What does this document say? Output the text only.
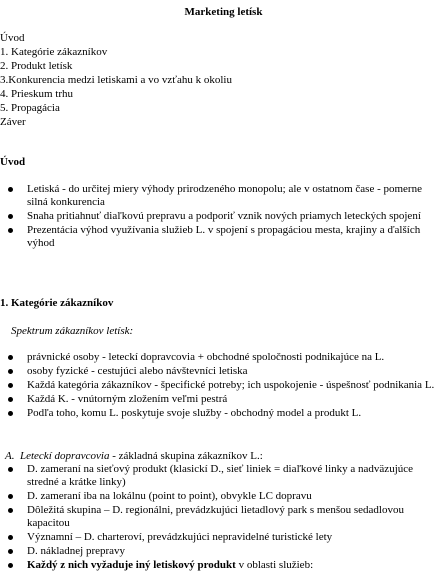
Marketing letísk
Úvod
1. Kategórie zákazníkov
2. Produkt letísk
3.Konkurencia medzi letiskami a vo vzťahu k okoliu
4. Prieskum trhu
5. Propagácia
Záver
Úvod
Letiská - do určitej miery výhody prirodzeného monopolu; ale v ostatnom čase - pomerne silná konkurencia
Snaha pritiahnuť diaľkovú prepravu a podporiť vznik nových priamych leteckých spojení
Prezentácia výhod využívania služieb L. v spojení s propagáciou mesta, krajiny a ďalších výhod
1. Kategórie zákazníkov
Spektrum zákazníkov letísk:
právnické osoby - leteckí dopravcovia + obchodné spoločnosti podnikajúce na L.
osoby fyzické - cestujúci alebo návštevníci letiska
Každá kategória zákazníkov - špecifické potreby; ich uspokojenie - úspešnosť podnikania L.
Každá K. - vnútorným zložením veľmi pestrá
Podľa toho, komu L. poskytuje svoje služby - obchodný model a produkt L.
A. Leteckí dopravcovia - základná skupina zákazníkov L.:
D. zameraní na sieťový produkt (klasickí D., sieť liniek = diaľkové linky a nadväzujúce stredné a krátke linky)
D. zameraní iba na lokálnu (point to point), obvykle LC dopravu
Dôležitá skupina – D. regionálni, prevádzkujúci lietadlový park s menšou sedadlovou kapacitou
Významní – D. charteroví, prevádzkujúci nepravidelné turistické lety
D. nákladnej prepravy
Každý z nich vyžaduje iný letiskový produkt v oblasti služieb:
